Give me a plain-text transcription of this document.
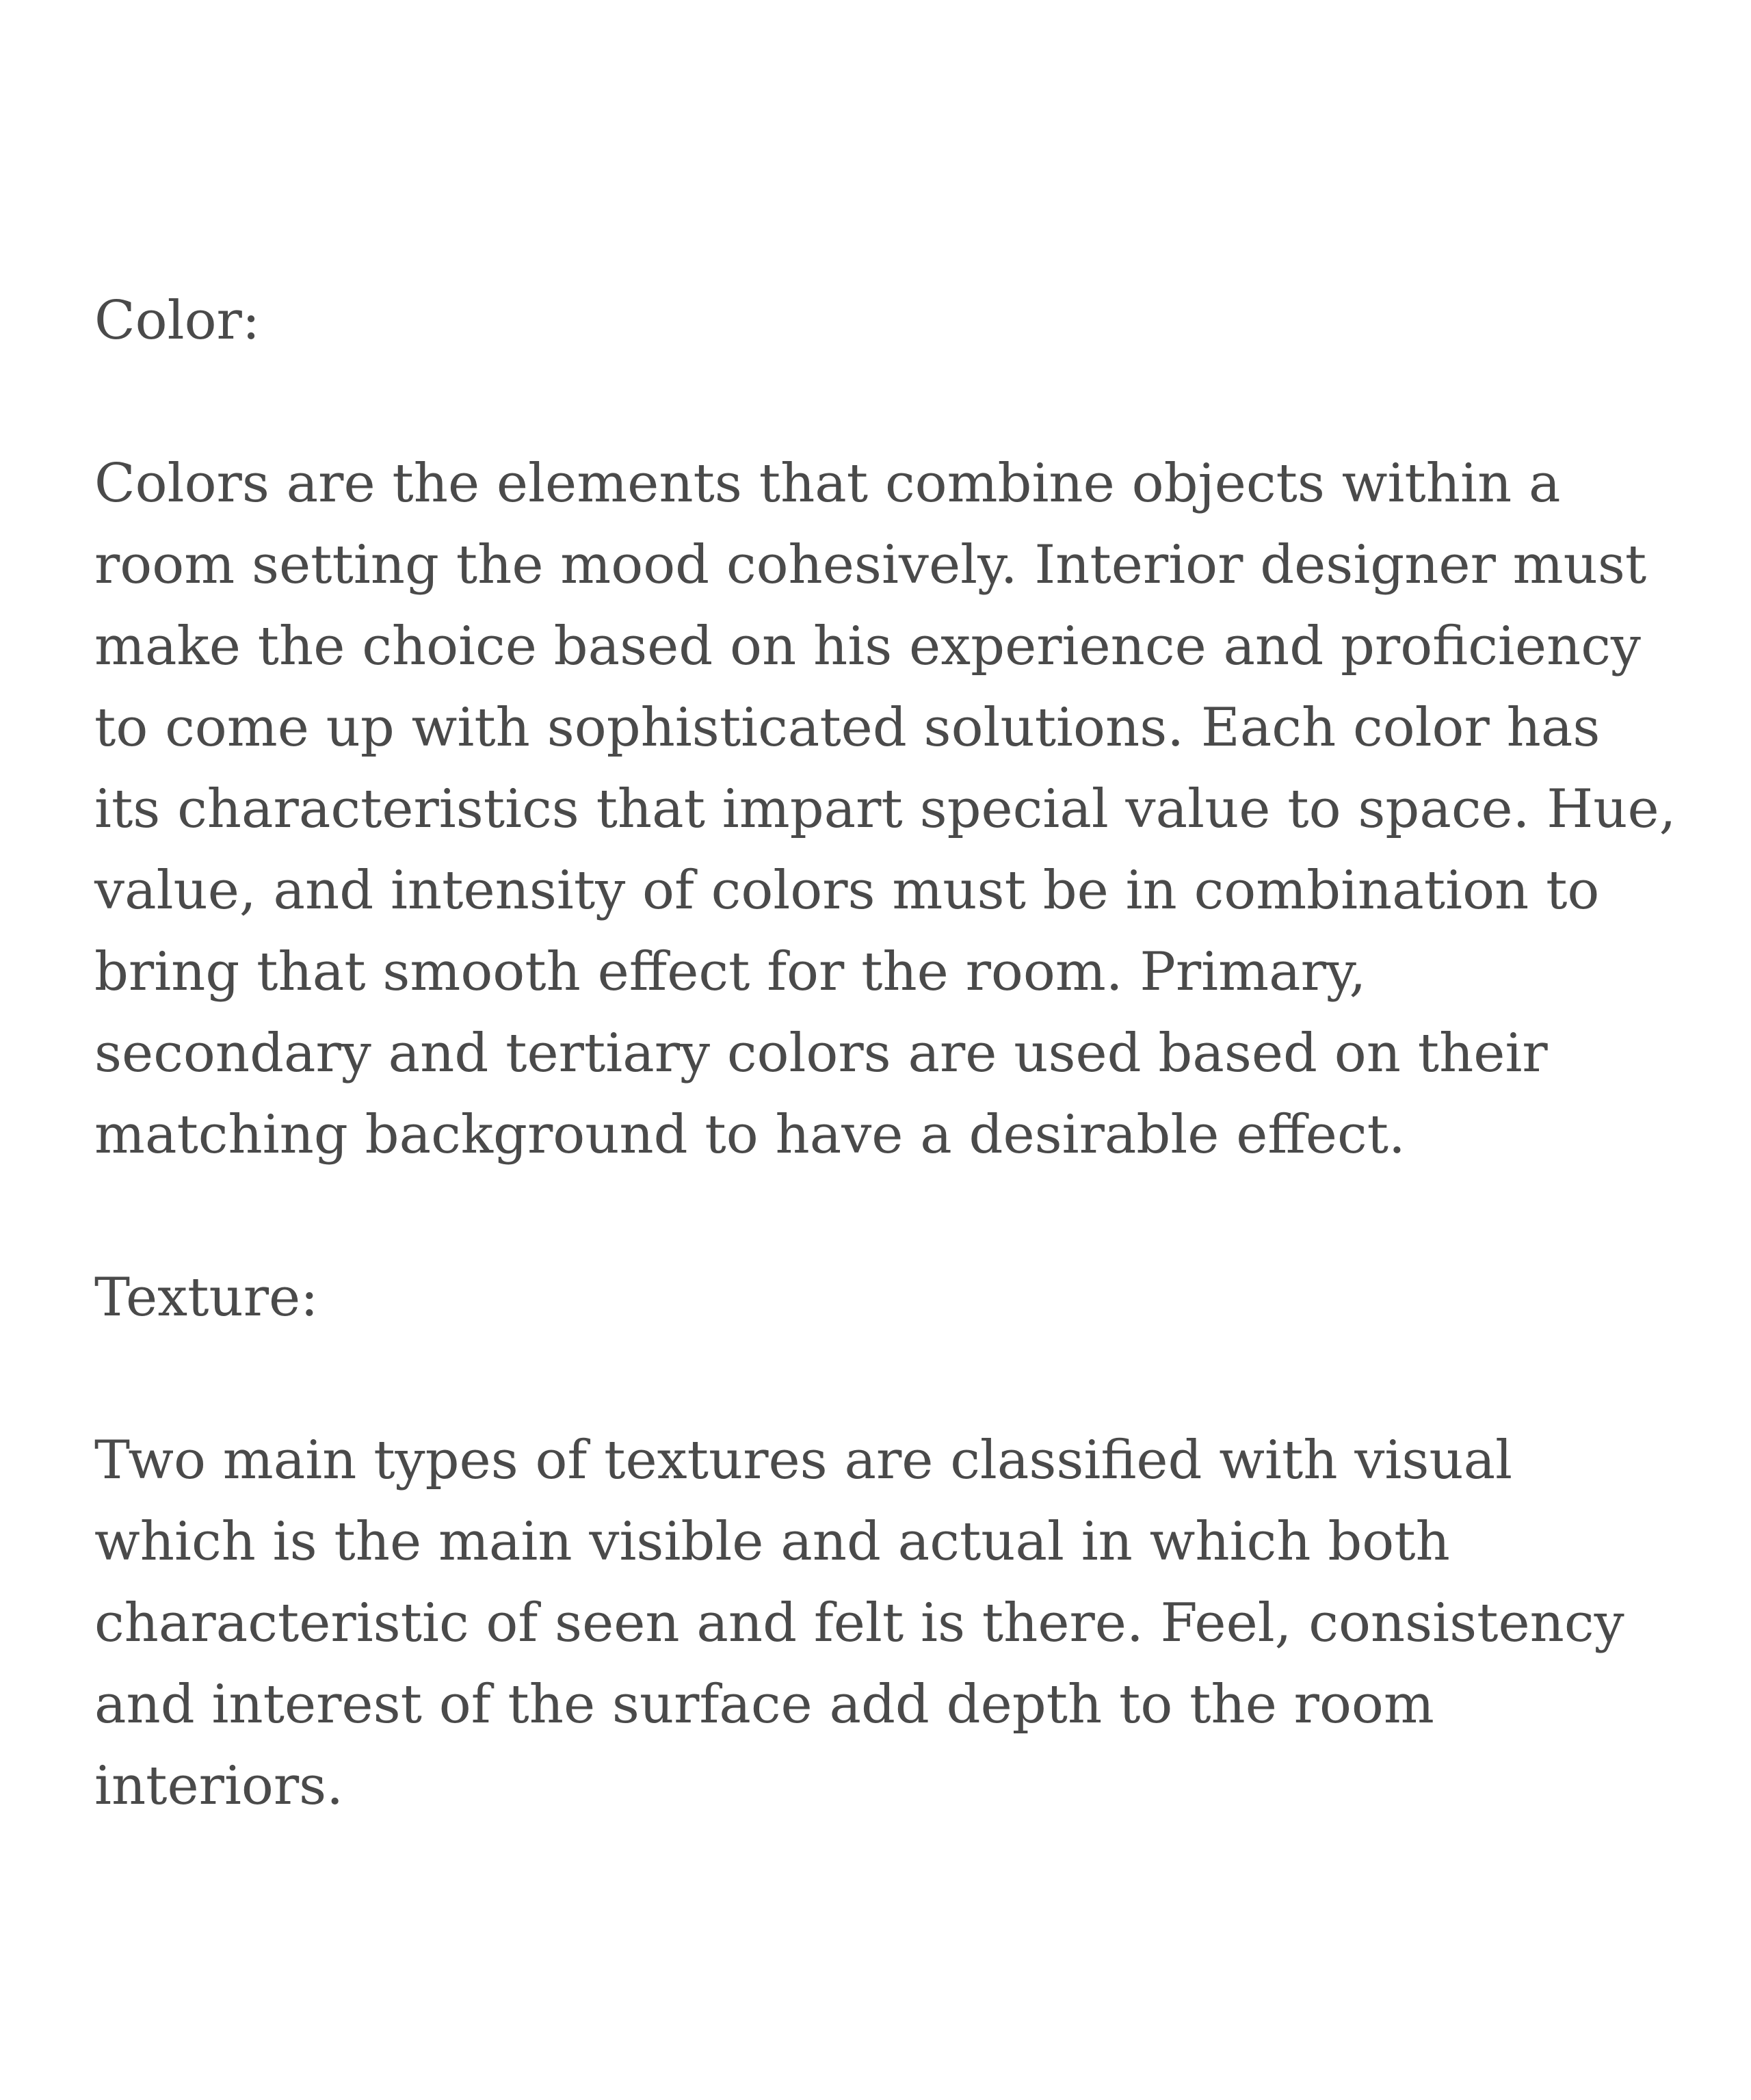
Color:

Colors are the elements that combine objects within a
room setting the mood cohesively. Interior designer must
make the choice based on his experience and proficiency
to come up with sophisticated solutions. Each color has
its characteristics that impart special value to space. Hue,
value, and intensity of colors must be in combination to
bring that smooth effect for the room. Primary,
secondary and tertiary colors are used based on their
matching background to have a desirable effect.

Texture:

Two main types of textures are classified with visual
which is the main visible and actual in which both
characteristic of seen and felt is there. Feel, consistency
and interest of the surface add depth to the room
interiors.
